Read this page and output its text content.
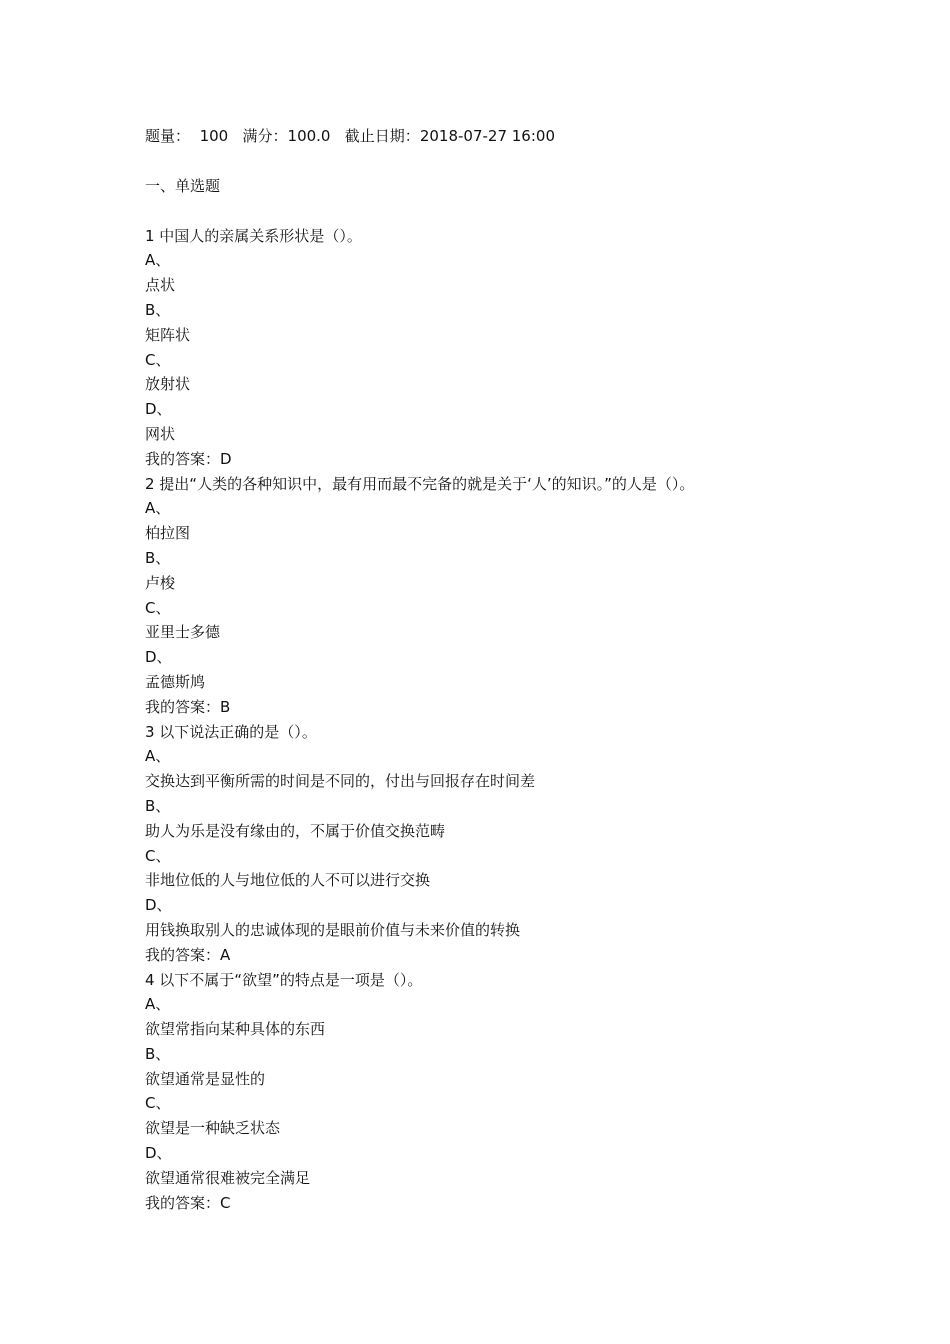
题量：
100
满分： 100.0
截止日期： 2018-07-27 16:00
一、单选题
1 中国人的亲属关系形状是（）。
A、
点状
B、
矩阵状
C、
放射状
D、
网状
我的答案：D
2 提出“人类的各种知识中，最有用而最不完备的就是关于‘人’的知识。”的人是（）。
A、
柏拉图
B、
卢梭
C、
亚里士多德
D、
孟德斯鸠
我的答案：B
3 以下说法正确的是（）。
A、
交换达到平衡所需的时间是不同的，付出与回报存在时间差
B、
助人为乐是没有缘由的，不属于价值交换范畴
C、
非地位低的人与地位低的人不可以进行交换
D、
用钱换取别人的忠诚体现的是眼前价值与未来价值的转换
我的答案：A
4 以下不属于“欲望”的特点是一项是（）。
A、
欲望常指向某种具体的东西
B、
欲望通常是显性的
C、
欲望是一种缺乏状态
D、
欲望通常很难被完全满足
我的答案：C
